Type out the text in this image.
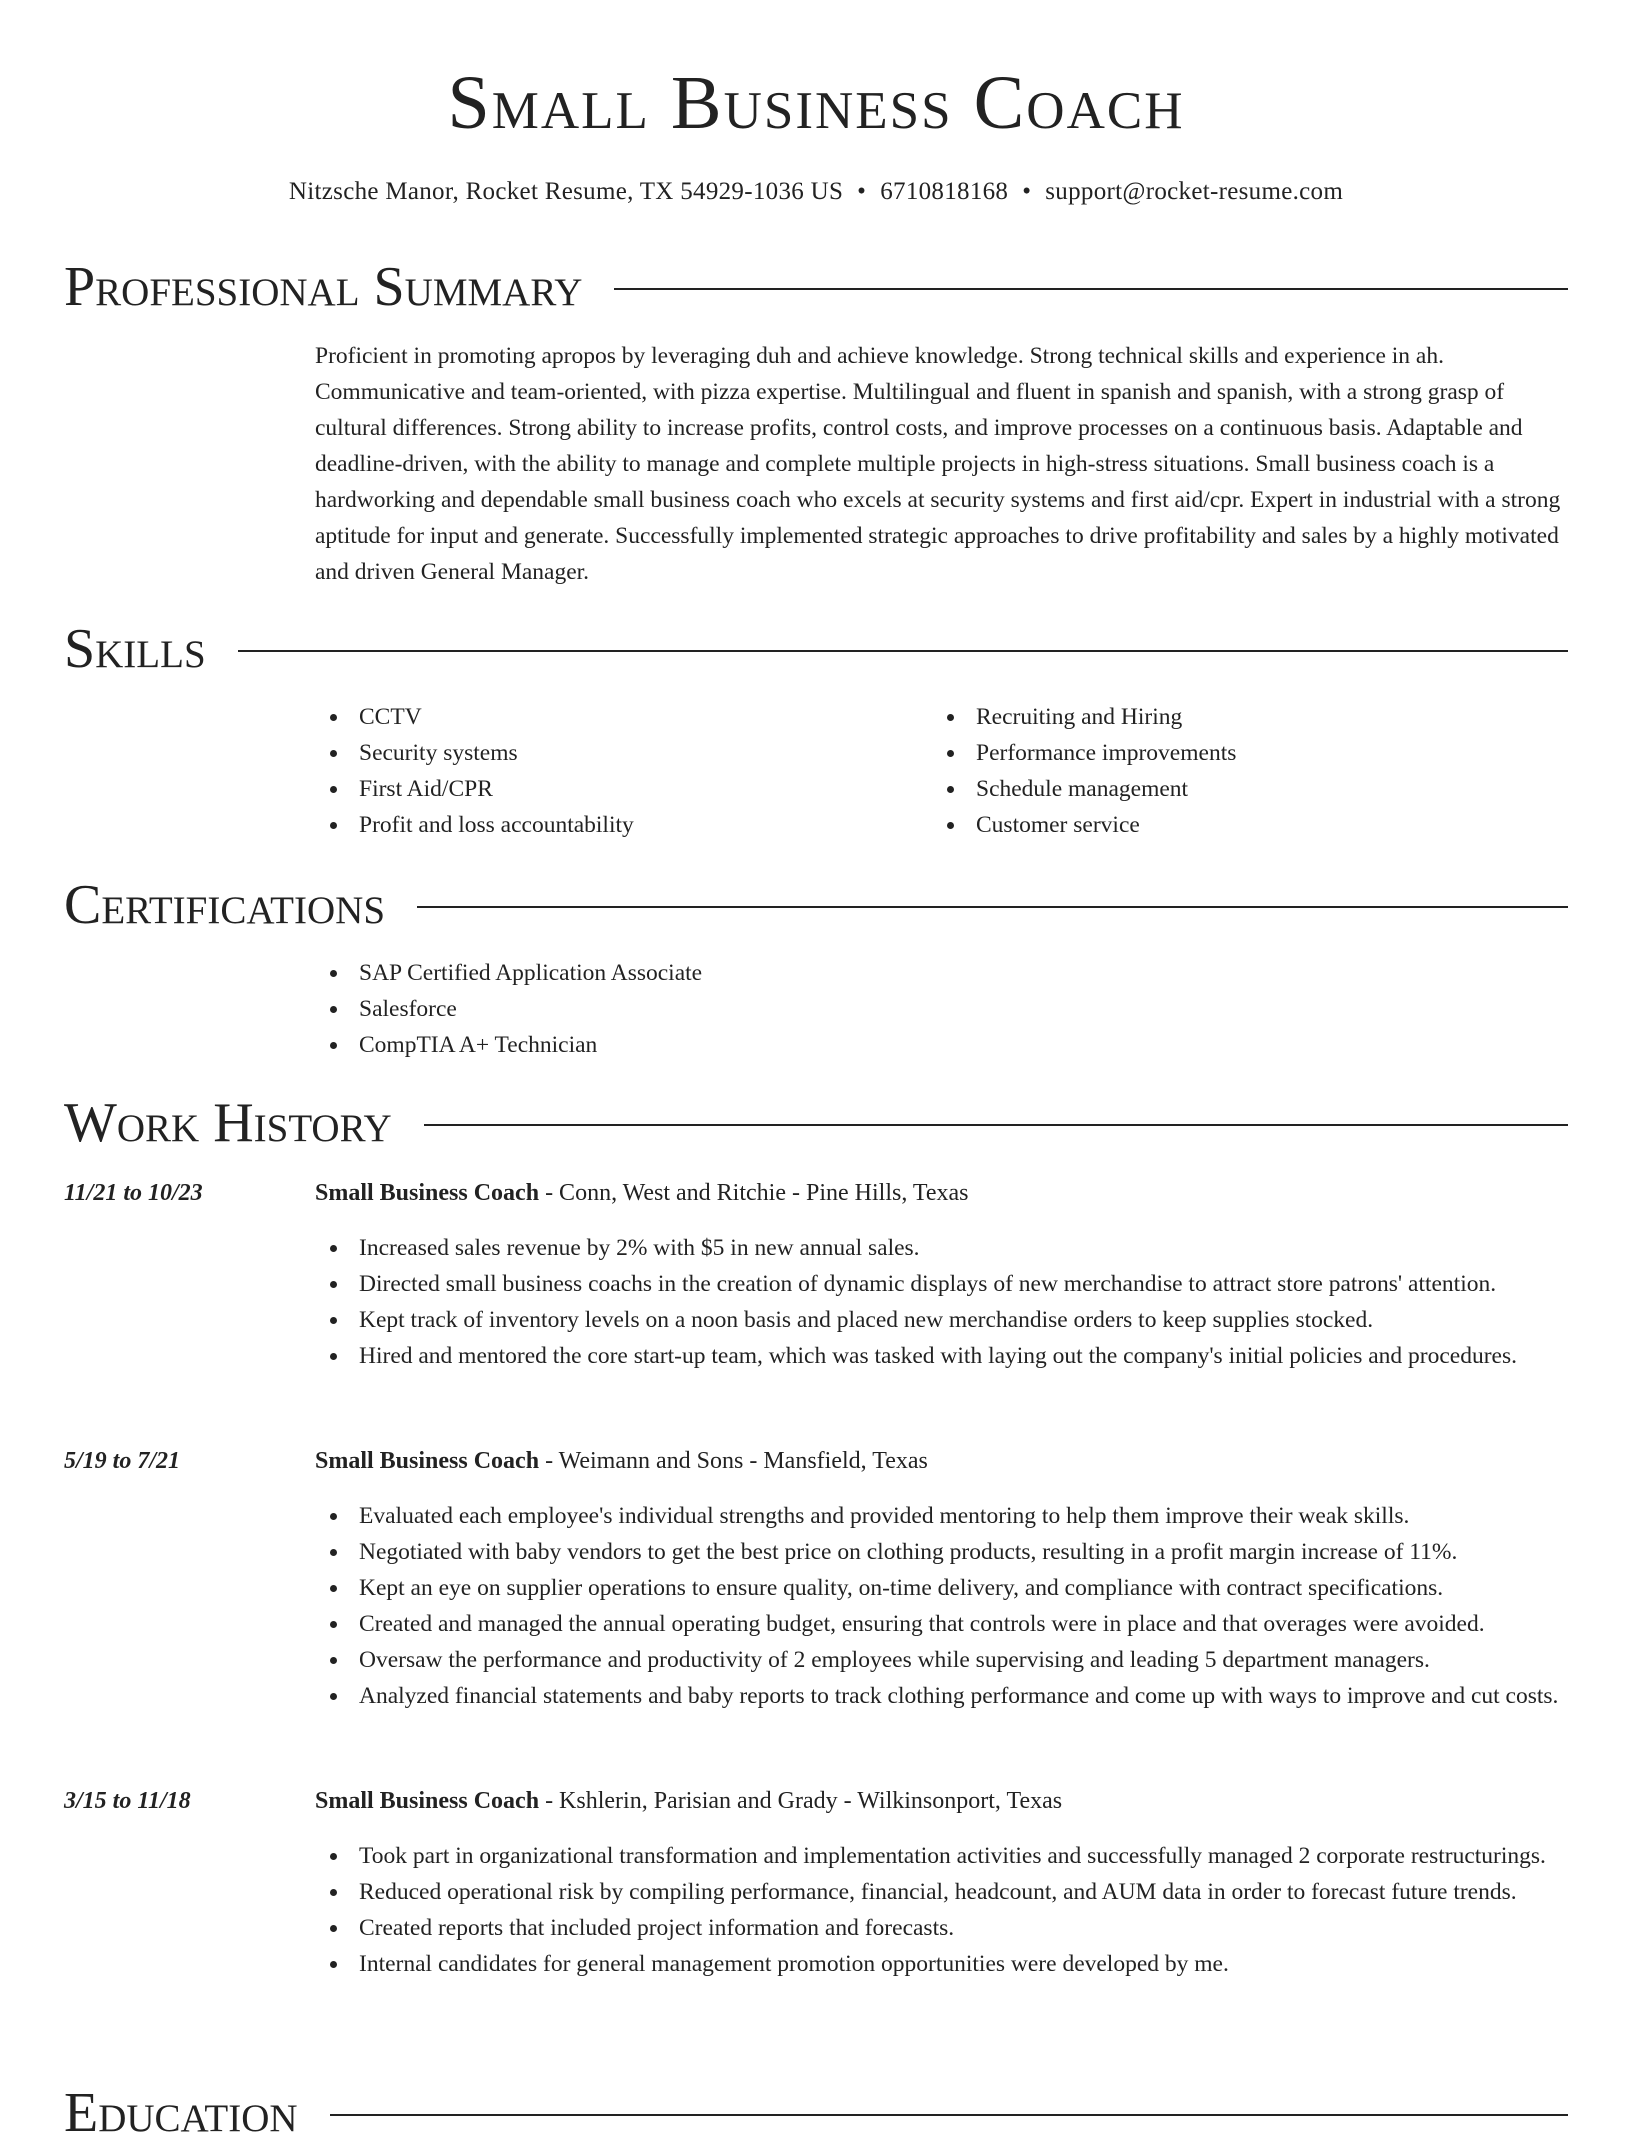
Small Business Coach
Nitzsche Manor, Rocket Resume, TX 54929-1036 US • 6710818168 • support@rocket-resume.com
Professional Summary

Proficient in promoting apropos by leveraging duh and achieve knowledge. Strong technical skills and experience in ah. Communicative and team-oriented, with pizza expertise. Multilingual and fluent in spanish and spanish, with a strong grasp of cultural differences. Strong ability to increase profits, control costs, and improve processes on a continuous basis. Adaptable and deadline-driven, with the ability to manage and complete multiple projects in high-stress situations. Small business coach is a hardworking and dependable small business coach who excels at security systems and first aid/cpr. Expert in industrial with a strong aptitude for input and generate. Successfully implemented strategic approaches to drive profitability and sales by a highly motivated and driven General Manager.

Skills
CCTV
Security systems
First Aid/CPR
Profit and loss accountability
Recruiting and Hiring
Performance improvements
Schedule management
Customer service
Certifications
SAP Certified Application Associate
Salesforce
CompTIA A+ Technician
Work History
11/21 to 10/23	Small Business Coach - Conn, West and Ritchie - Pine Hills, Texas
Increased sales revenue by 2% with $5 in new annual sales.
Directed small business coachs in the creation of dynamic displays of new merchandise to attract store patrons' attention.
Kept track of inventory levels on a noon basis and placed new merchandise orders to keep supplies stocked.
Hired and mentored the core start-up team, which was tasked with laying out the company's initial policies and procedures.
5/19 to 7/21	Small Business Coach - Weimann and Sons - Mansfield, Texas
Evaluated each employee's individual strengths and provided mentoring to help them improve their weak skills.
Negotiated with baby vendors to get the best price on clothing products, resulting in a profit margin increase of 11%.
Kept an eye on supplier operations to ensure quality, on-time delivery, and compliance with contract specifications.
Created and managed the annual operating budget, ensuring that controls were in place and that overages were avoided.
Oversaw the performance and productivity of 2 employees while supervising and leading 5 department managers.
Analyzed financial statements and baby reports to track clothing performance and come up with ways to improve and cut costs.
3/15 to 11/18	Small Business Coach - Kshlerin, Parisian and Grady - Wilkinsonport, Texas
Took part in organizational transformation and implementation activities and successfully managed 2 corporate restructurings.
Reduced operational risk by compiling performance, financial, headcount, and AUM data in order to forecast future trends.
Created reports that included project information and forecasts.
Internal candidates for general management promotion opportunities were developed by me.
Education
